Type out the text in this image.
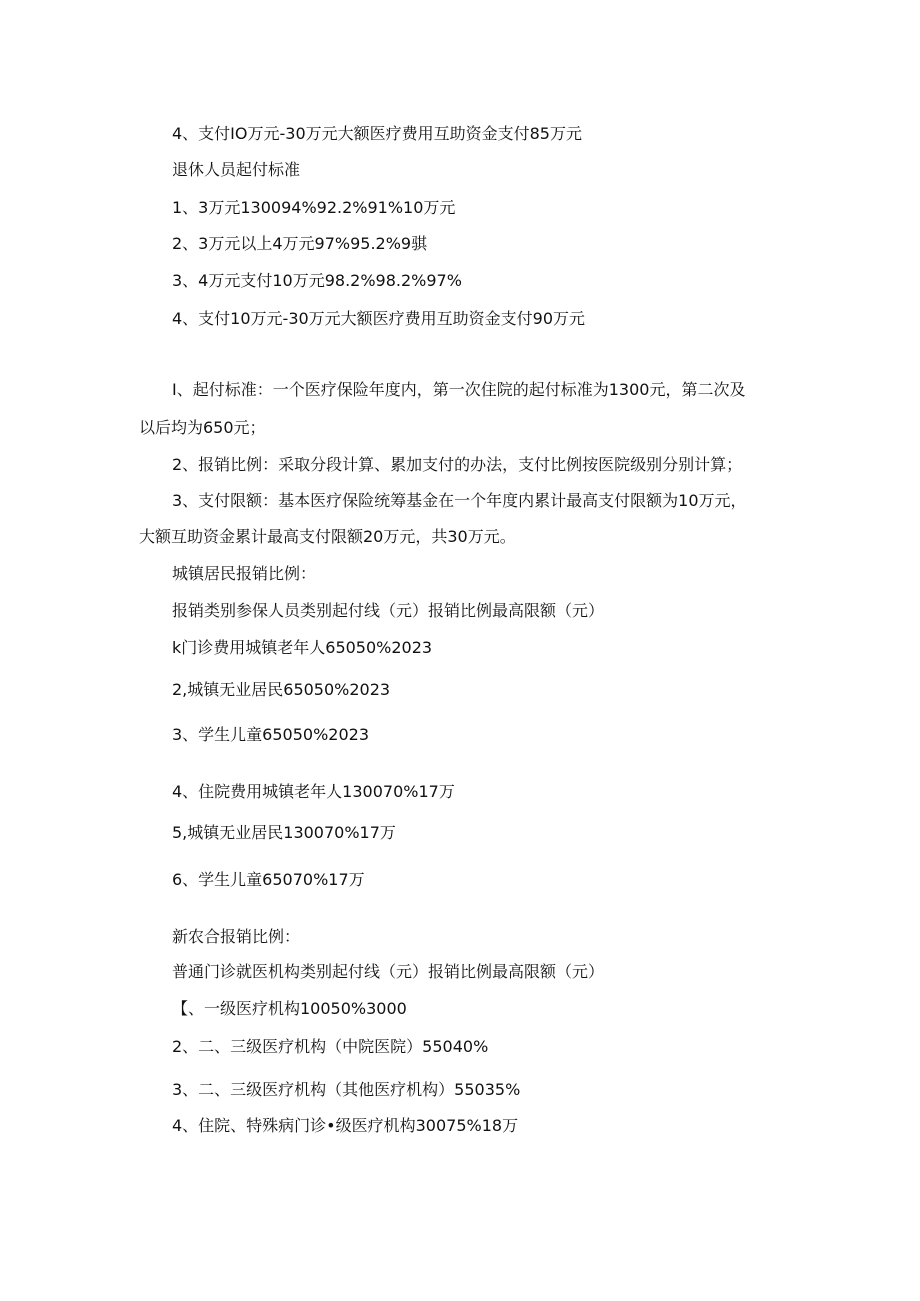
4、支付IO万元-30万元大额医疗费用互助资金支付85万元
退休人员起付标准
1、3万元130094%92.2%91%10万元
2、3万元以上4万元97%95.2%9骐
3、4万元支付10万元98.2%98.2%97%
4、支付10万元-30万元大额医疗费用互助资金支付90万元
I、起付标准：一个医疗保险年度内，第一次住院的起付标准为1300元，第二次及
以后均为650元；
2、报销比例：采取分段计算、累加支付的办法，支付比例按医院级别分别计算；
3、支付限额：基本医疗保险统筹基金在一个年度内累计最高支付限额为10万元，
大额互助资金累计最高支付限额20万元，共30万元。
城镇居民报销比例：
报销类别参保人员类别起付线（元）报销比例最高限额（元）
k门诊费用城镇老年人65050%2023
2,城镇无业居民65050%2023
3、学生儿童65050%2023
4、住院费用城镇老年人130070%17万
5,城镇无业居民130070%17万
6、学生儿童65070%17万
新农合报销比例：
普通门诊就医机构类别起付线（元）报销比例最高限额（元）
【、一级医疗机构10050%3000
2、二、三级医疗机构（中院医院）55040%
3、二、三级医疗机构（其他医疗机构）55035%
4、住院、特殊病门诊•级医疗机构30075%18万
